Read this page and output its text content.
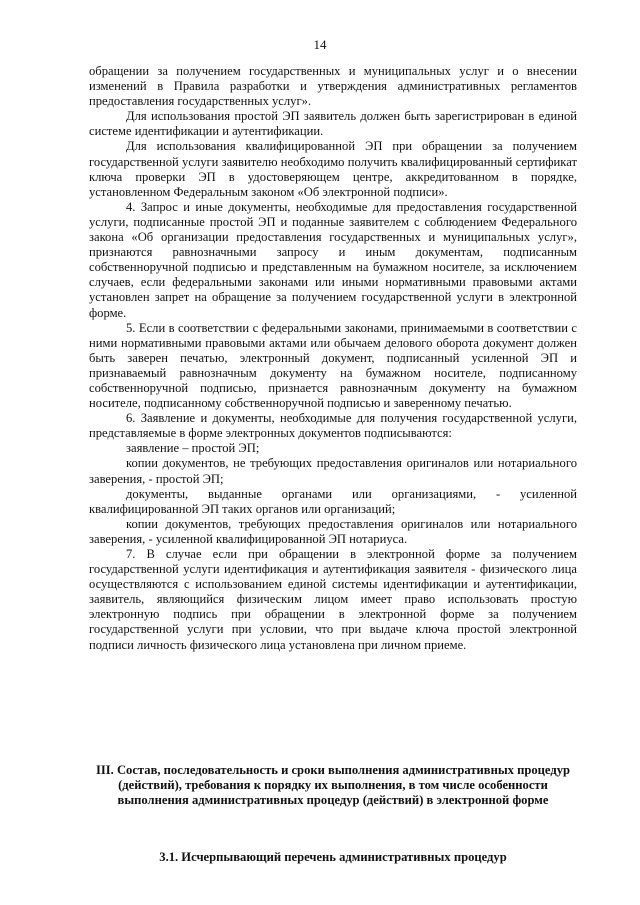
14

обращении за получением государственных и муниципальных услуг и о внесении изменений в Правила разработки и утверждения административных регламентов предоставления государственных услуг».

Для использования простой ЭП заявитель должен быть зарегистрирован в единой системе идентификации и аутентификации.

Для использования квалифицированной ЭП при обращении за получением государственной услуги заявителю необходимо получить квалифицированный сертификат ключа проверки ЭП в удостоверяющем центре, аккредитованном в порядке, установленном Федеральным законом «Об электронной подписи».

4. Запрос и иные документы, необходимые для предоставления государственной услуги, подписанные простой ЭП и поданные заявителем с соблюдением Федерального закона «Об организации предоставления государственных и муниципальных услуг», признаются равнозначными запросу и иным документам, подписанным собственноручной подписью и представленным на бумажном носителе, за исключением случаев, если федеральными законами или иными нормативными правовыми актами установлен запрет на обращение за получением государственной услуги в электронной форме.

5. Если в соответствии с федеральными законами, принимаемыми в соответствии с ними нормативными правовыми актами или обычаем делового оборота документ должен быть заверен печатью, электронный документ, подписанный усиленной ЭП и признаваемый равнозначным документу на бумажном носителе, подписанному собственноручной подписью, признается равнозначным документу на бумажном носителе, подписанному собственноручной подписью и заверенному печатью.

6. Заявление и документы, необходимые для получения государственной услуги, представляемые в форме электронных документов подписываются:

заявление – простой ЭП;

копии документов, не требующих предоставления оригиналов или нотариального заверения, - простой ЭП;

документы, выданные органами или организациями, - усиленной квалифицированной ЭП таких органов или организаций;

копии документов, требующих предоставления оригиналов или нотариального заверения, - усиленной квалифицированной ЭП нотариуса.

7. В случае если при обращении в электронной форме за получением государственной услуги идентификация и аутентификация заявителя - физического лица осуществляются с использованием единой системы идентификации и аутентификации, заявитель, являющийся физическим лицом имеет право использовать простую электронную подпись при обращении в электронной форме за получением государственной услуги при условии, что при выдаче ключа простой электронной подписи личность физического лица установлена при личном приеме.

III. Состав, последовательность и сроки выполнения административных процедур (действий), требования к порядку их выполнения, в том числе особенности выполнения административных процедур (действий) в электронной форме
3.1. Исчерпывающий перечень административных процедур
